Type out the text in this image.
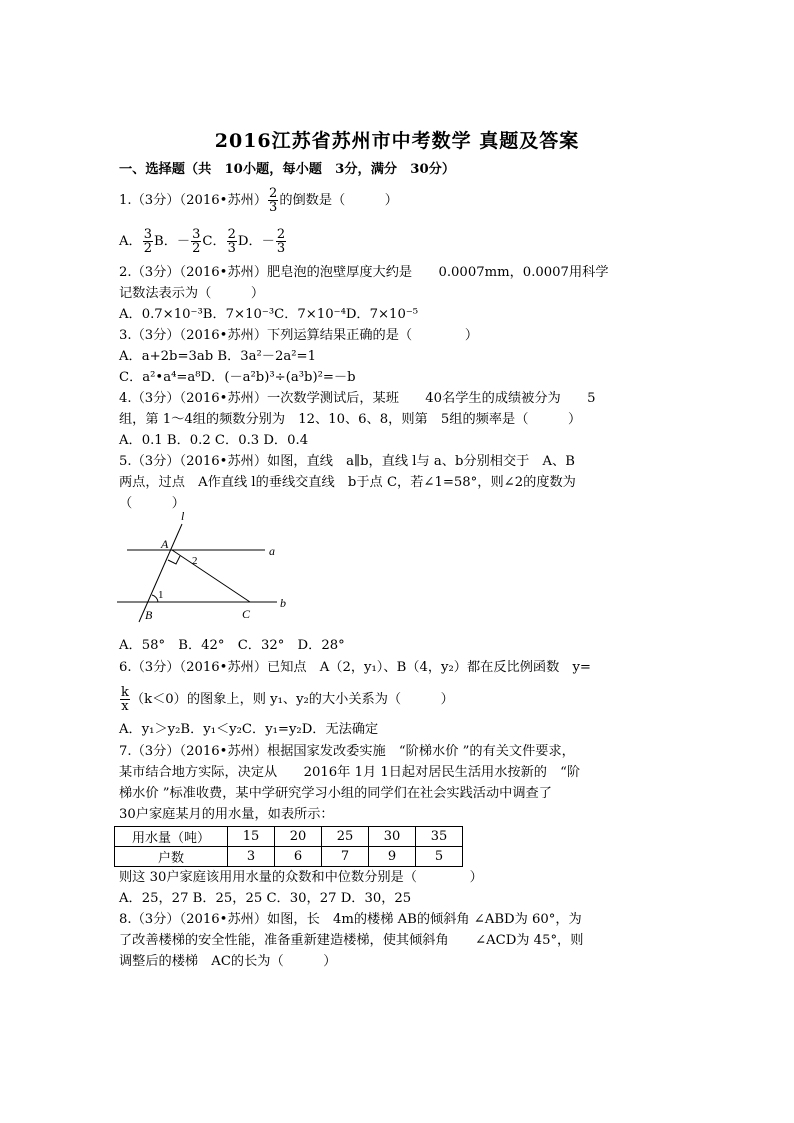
2016江苏省苏州市中考数学 真题及答案
一、选择题（共　10小题，每小题　3分，满分　30分）
1.（3分）（2016•苏州） $\frac{2}{3}$ 的倒数是（　　　）
A． $\frac{3}{2}$ B．－ $\frac{3}{2}$ C． $\frac{2}{3}$ D．－ $\frac{2}{3}$
2.（3分）（2016•苏州）肥皂泡的泡壁厚度大约是　　0.0007mm，0.0007用科学
记数法表示为（　　　）
A．0.7×10⁻³B．7×10⁻³C．7×10⁻⁴D．7×10⁻⁵
3.（3分）（2016•苏州）下列运算结果正确的是（　　　　）
A．a+2b=3ab B．3a²－2a²=1
C．a²•a⁴=a⁸D．(－a²b)³÷(a³b)²=－b
4.（3分）（2016•苏州）一次数学测试后，某班　　40名学生的成绩被分为　　5
组，第 1～4组的频数分别为　12、10、6、8，则第　5组的频率是（　　　）
A．0.1 B．0.2 C．0.3 D．0.4
5.（3分）（2016•苏州）如图，直线　a∥b，直线 l与 a、b分别相交于　A、B
两点，过点　A作直线 l的垂线交直线　b于点 C，若∠1=58°，则∠2的度数为
（　　　）
l
a
b
A
B	C
1
2
A．58°　B．42°　C．32°　D．28°
6.（3分）（2016•苏州）已知点　A（2，y₁）、B（4，y₂）都在反比例函数　y=
$\frac{k}{x} (k<0)$的图象上，则 y₁、y₂的大小关系为（　　　）
A．y₁＞y₂B．y₁＜y₂C．y₁=y₂D．无法确定
7.（3分）（2016•苏州）根据国家发改委实施　“阶梯水价 ”的有关文件要求，
某市结合地方实际，决定从　　2016年 1月 1日起对居民生活用水按新的　“阶
梯水价 ”标准收费，某中学研究学习小组的同学们在社会实践活动中调查了
30户家庭某月的用水量，如表所示：
用水量（吨）	15	20	25	30	35
户数	3	6	7	9	5
则这 30户家庭该用用水量的众数和中位数分别是（　　　　）
A．25，27 B．25，25 C．30，27 D．30，25
8.（3分）（2016•苏州）如图，长　4m的楼梯 AB的倾斜角 ∠ABD为 60°，为
了改善楼梯的安全性能，准备重新建造楼梯，使其倾斜角　　∠ACD为 45°，则
调整后的楼梯　AC的长为（　　　）
